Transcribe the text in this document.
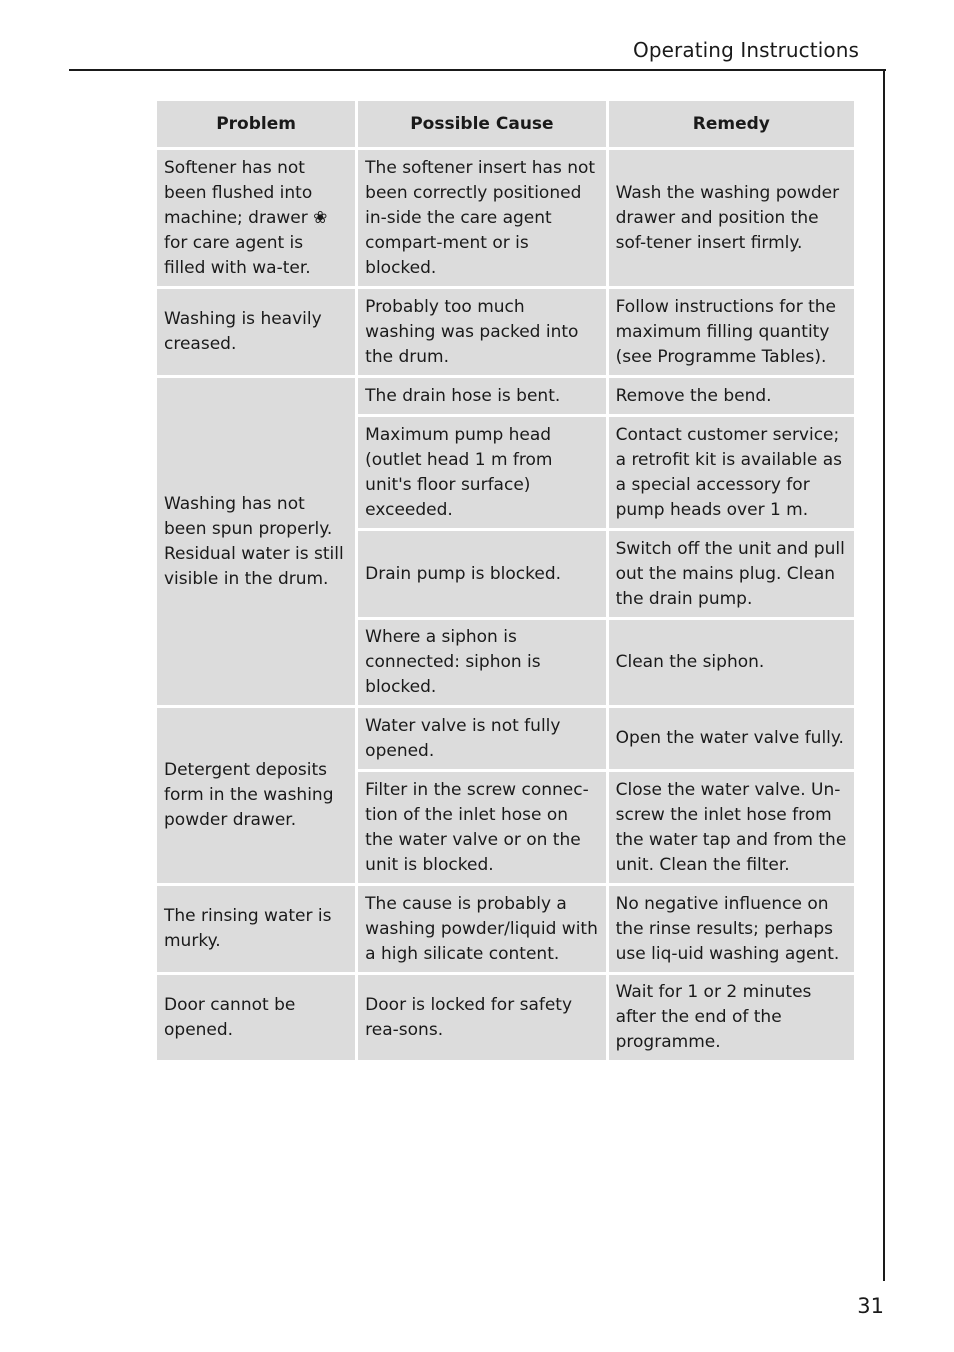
Operating Instructions
Problem	Possible Cause	Remedy
Softener has not been flushed into machine; drawer ❀ for care agent is filled with wa-ter.	The softener insert has not been correctly positioned in-side the care agent compart-ment or is blocked.	Wash the washing powder drawer and position the sof-tener insert firmly.
Washing is heavily creased.	Probably too much washing was packed into the drum.	Follow instructions for the maximum filling quantity (see Programme Tables).
Washing has not been spun properly. Residual water is still visible in the drum.	The drain hose is bent.	Remove the bend.
	Maximum pump head (outlet head 1 m from unit's floor surface) exceeded.	Contact customer service; a retrofit kit is available as a special accessory for pump heads over 1 m.
	Drain pump is blocked.	Switch off the unit and pull out the mains plug. Clean the drain pump.
	Where a siphon is connected: siphon is blocked.	Clean the siphon.
Detergent deposits form in the washing powder drawer.	Water valve is not fully opened.	Open the water valve fully.
	Filter in the screw connec-tion of the inlet hose on the water valve or on the unit is blocked.	Close the water valve. Un-screw the inlet hose from the water tap and from the unit. Clean the filter.
The rinsing water is murky.	The cause is probably a washing powder/liquid with a high silicate content.	No negative influence on the rinse results; perhaps use liq-uid washing agent.
Door cannot be opened.	Door is locked for safety rea-sons.	Wait for 1 or 2 minutes after the end of the programme.
31
